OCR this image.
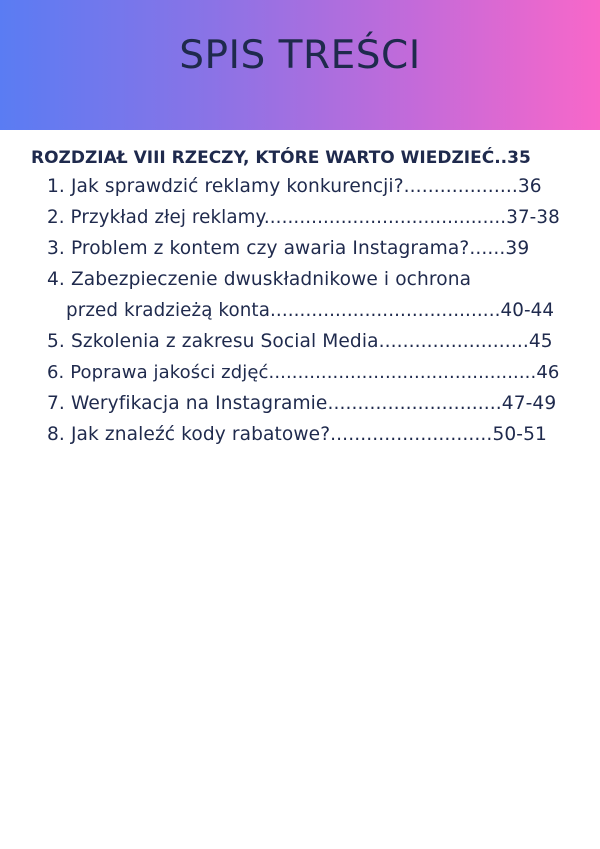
SPIS TREŚCI
ROZDZIAŁ VIII RZECZY, KTÓRE WARTO WIEDZIEĆ..35
1. Jak sprawdzić reklamy konkurencji?...................36
2. Przykład złej reklamy.........................................37-38
3. Problem z kontem czy awaria Instagrama?......39
4. Zabezpieczenie dwuskładnikowe i ochrona
przed kradzieżą konta.......................................40-44
5. Szkolenia z zakresu Social Media.........................45
6. Poprawa jakości zdjęć..............................................46
7. Weryfikacja na Instagramie.............................47-49
8. Jak znaleźć kody rabatowe?...........................50-51
